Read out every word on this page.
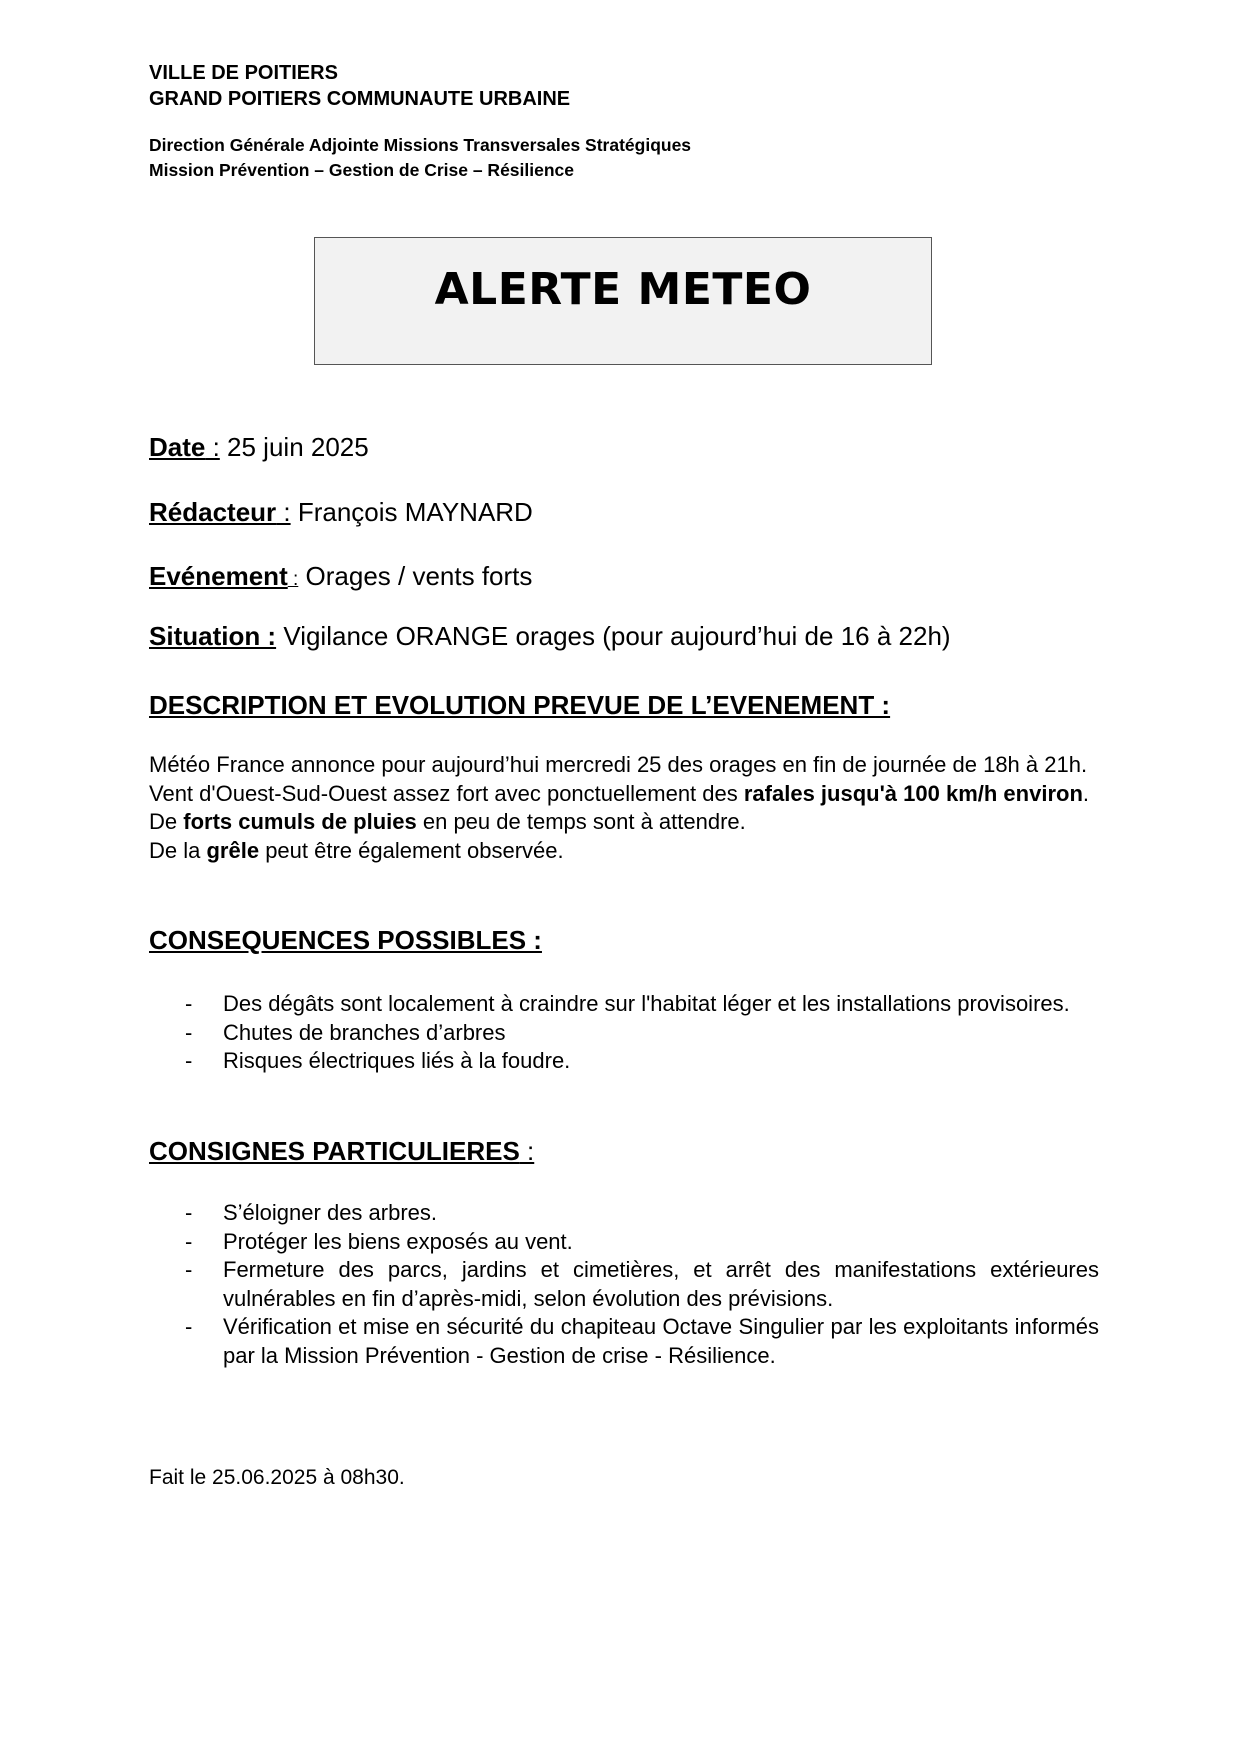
VILLE DE POITIERS
GRAND POITIERS COMMUNAUTE URBAINE
Direction Générale Adjointe Missions Transversales Stratégiques
Mission Prévention – Gestion de Crise – Résilience
ALERTE METEO
Date : 25 juin 2025
Rédacteur : François MAYNARD
Evénement : Orages / vents forts
Situation : Vigilance ORANGE orages (pour aujourd’hui de 16 à 22h)
DESCRIPTION ET EVOLUTION PREVUE DE L’EVENEMENT :
Météo France annonce pour aujourd’hui mercredi 25 des orages en fin de journée de 18h à 21h. Vent d'Ouest-Sud-Ouest assez fort avec ponctuellement des rafales jusqu'à 100 km/h environ.
De forts cumuls de pluies en peu de temps sont à attendre.
De la grêle peut être également observée.
CONSEQUENCES POSSIBLES :
- Des dégâts sont localement à craindre sur l'habitat léger et les installations provisoires.
- Chutes de branches d’arbres
- Risques électriques liés à la foudre.
CONSIGNES PARTICULIERES :
- S’éloigner des arbres.
- Protéger les biens exposés au vent.
- Fermeture des parcs, jardins et cimetières, et arrêt des manifestations extérieures vulnérables en fin d’après-midi, selon évolution des prévisions.
- Vérification et mise en sécurité du chapiteau Octave Singulier par les exploitants informés par la Mission Prévention - Gestion de crise - Résilience.
Fait le 25.06.2025 à 08h30.
